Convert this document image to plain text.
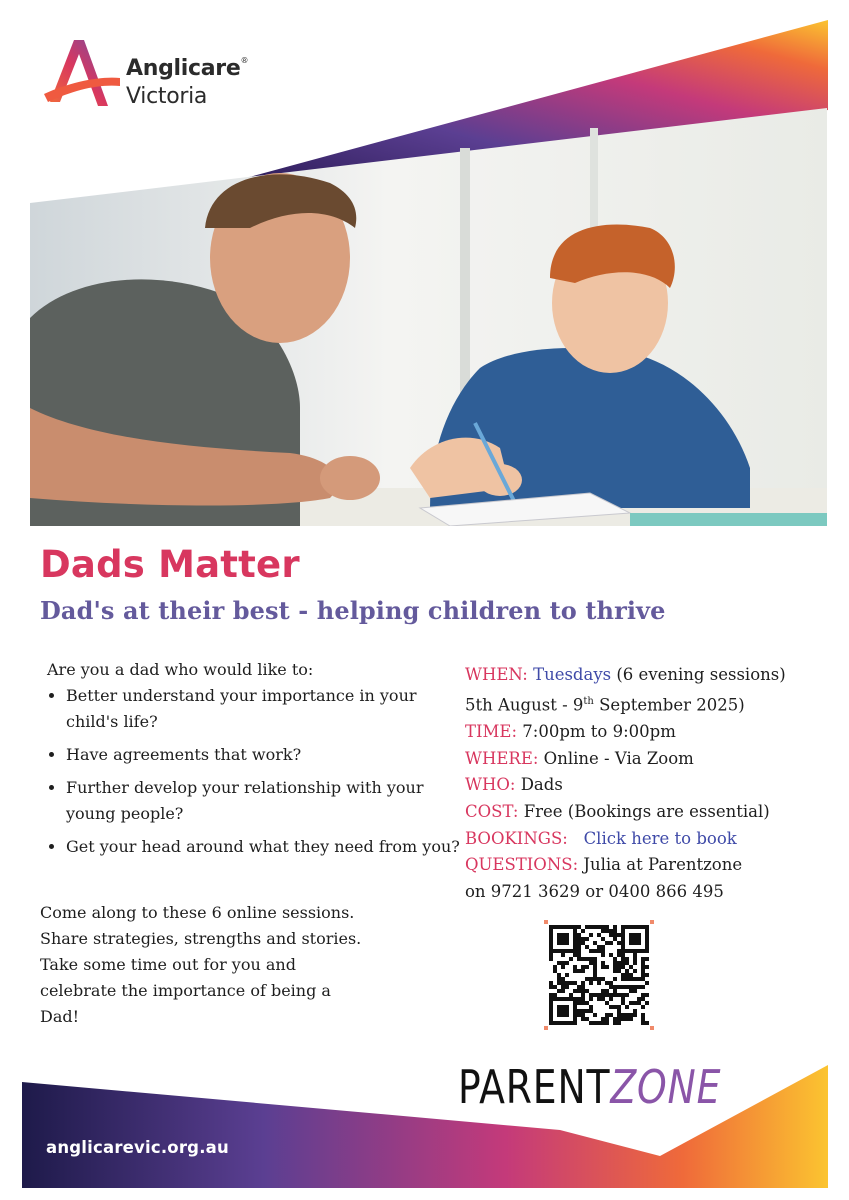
Anglicare®
Victoria
Dads Matter
Dad's at their best - helping children to thrive
Are you a dad who would like to:
• Better understand your importance in your child's life?
• Have agreements that work?
• Further develop your relationship with your young people?
• Get your head around what they need from you?

Come along to these 6 online sessions. Share strategies, strengths and stories. Take some time out for you and celebrate the importance of being a Dad!

WHEN: Tuesdays (6 evening sessions)
5th August - 9th September 2025)
TIME: 7:00pm to 9:00pm
WHERE: Online - Via Zoom
WHO: Dads
COST: Free (Bookings are essential)
BOOKINGS: Click here to book
QUESTIONS: Julia at Parentzone
on 9721 3629 or 0400 866 495
PARENTZONE
anglicarevic.org.au
